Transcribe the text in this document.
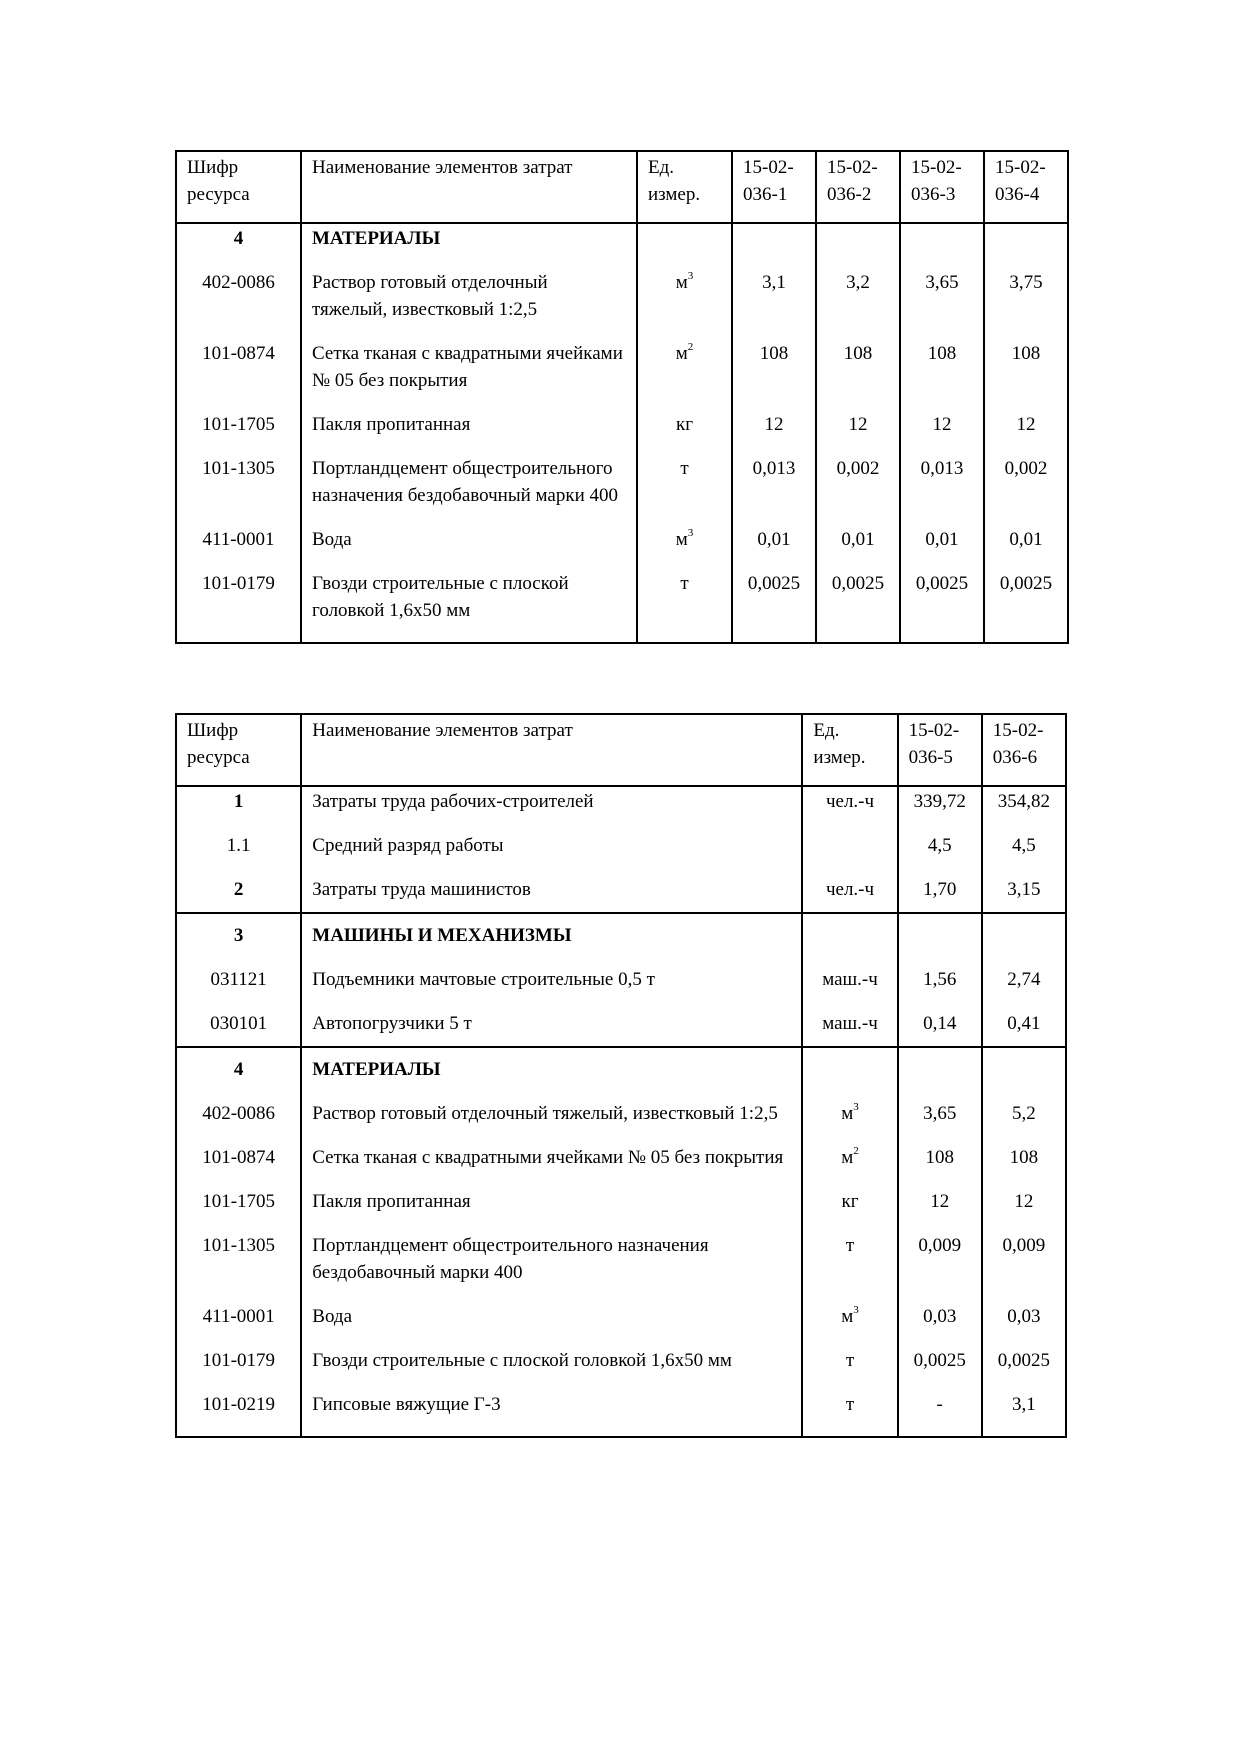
Шифр ресурса	Наименование элементов затрат	Ед. измер.	15-02-036-1	15-02-036-2	15-02-036-3	15-02-036-4
4	МАТЕРИАЛЫ					
402-0086	Раствор готовый отделочный тяжелый, известковый 1:2,5	$м^3$	3,1	3,2	3,65	3,75
101-0874	Сетка тканая с квадратными ячейками № 05 без покрытия	$м^2$	108	108	108	108
101-1705	Пакля пропитанная	кг	12	12	12	12
101-1305	Портландцемент общестроительного назначения бездобавочный марки 400	т	0,013	0,002	0,013	0,002
411-0001	Вода	$м^3$	0,01	0,01	0,01	0,01
101-0179	Гвозди строительные с плоской головкой 1,6х50 мм	т	0,0025	0,0025	0,0025	0,0025
Шифр ресурса	Наименование элементов затрат	Ед. измер.	15-02-036-5	15-02-036-6
1	Затраты труда рабочих-строителей	чел.-ч	339,72	354,82
1.1	Средний разряд работы		4,5	4,5
2	Затраты труда машинистов	чел.-ч	1,70	3,15
3	МАШИНЫ И МЕХАНИЗМЫ			
031121	Подъемники мачтовые строительные 0,5 т	маш.-ч	1,56	2,74
030101	Автопогрузчики 5 т	маш.-ч	0,14	0,41
4	МАТЕРИАЛЫ			
402-0086	Раствор готовый отделочный тяжелый, известковый 1:2,5	$м^3$	3,65	5,2
101-0874	Сетка тканая с квадратными ячейками № 05 без покрытия	$м^2$	108	108
101-1705	Пакля пропитанная	кг	12	12
101-1305	Портландцемент общестроительного назначения бездобавочный марки 400	т	0,009	0,009
411-0001	Вода	$м^3$	0,03	0,03
101-0179	Гвозди строительные с плоской головкой 1,6х50 мм	т	0,0025	0,0025
101-0219	Гипсовые вяжущие Г-3	т	-	3,1
